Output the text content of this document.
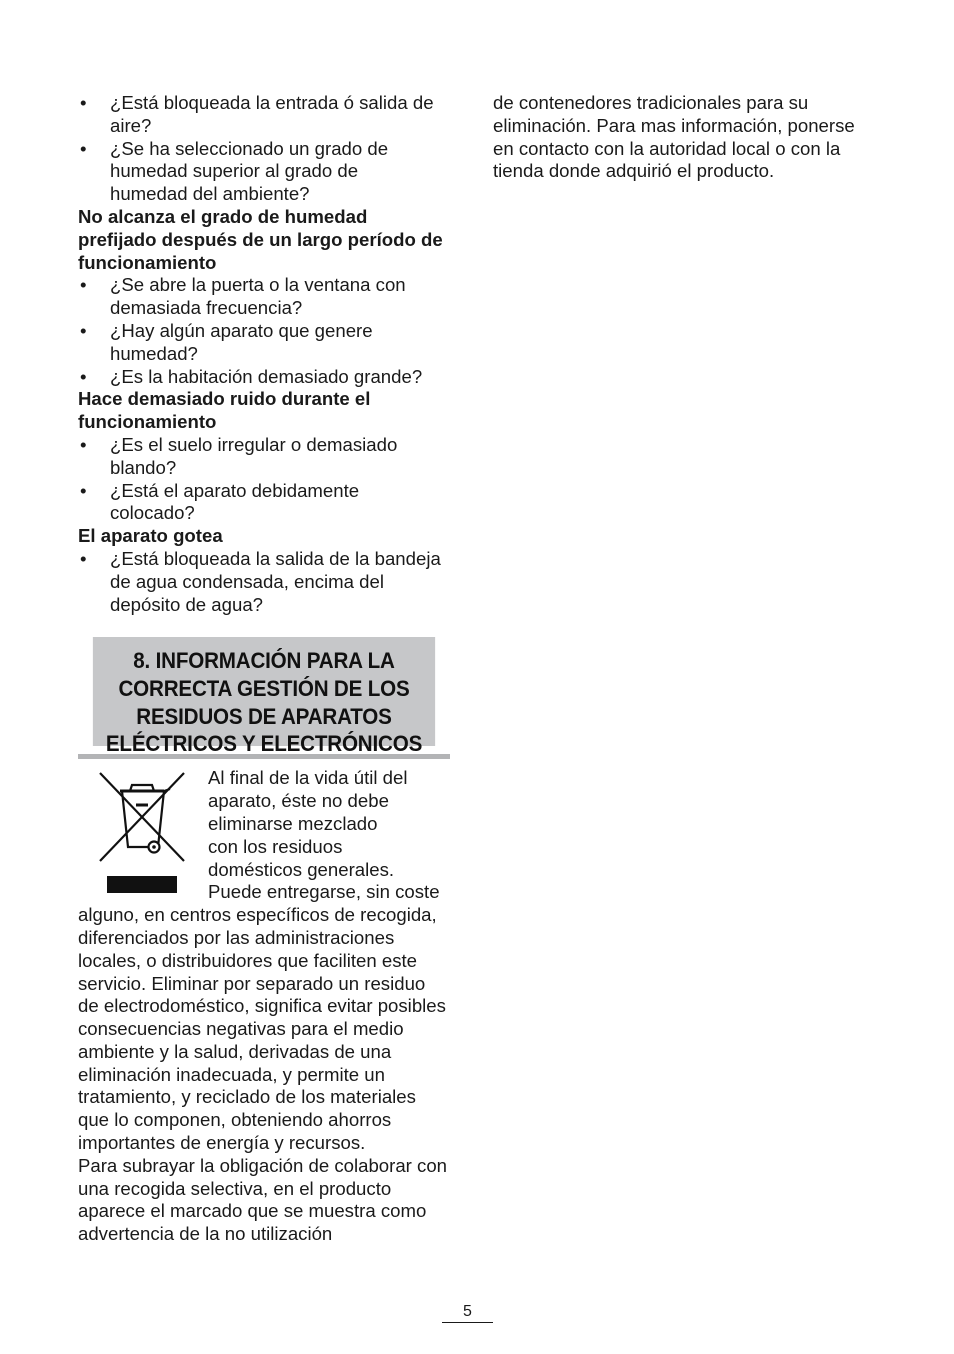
• ¿Está bloqueada la entrada ó salida de aire?
• ¿Se ha seleccionado un grado de humedad superior al grado de humedad del ambiente?
No alcanza el grado de humedad prefijado después de un largo período de funcionamiento
• ¿Se abre la puerta o la ventana con demasiada frecuencia?
• ¿Hay algún aparato que genere humedad?
• ¿Es la habitación demasiado grande?
Hace demasiado ruido durante el funcionamiento
• ¿Es el suelo irregular o demasiado blando?
• ¿Está el aparato debidamente colocado?
El aparato gotea
• ¿Está bloqueada la salida de la bandeja de agua condensada, encima del depósito de agua?
8. INFORMACIÓN PARA LA
CORRECTA GESTIÓN DE LOS
RESIDUOS DE APARATOS
ELÉCTRICOS Y ELECTRÓNICOS

Al final de la vida útil del aparato, éste no debe eliminarse mezclado con los residuos domésticos generales.

Puede entregarse, sin coste alguno, en centros específicos de recogida, diferenciados por las administraciones locales, o distribuidores que faciliten este servicio. Eliminar por separado un residuo de electrodoméstico, significa evitar posibles consecuencias negativas para el medio ambiente y la salud, derivadas de una eliminación inadecuada, y permite un tratamiento, y reciclado de los materiales que lo componen, obteniendo ahorros importantes de energía y recursos.

Para subrayar la obligación de colaborar con una recogida selectiva, en el producto aparece el marcado que se muestra como advertencia de la no utilización

de contenedores tradicionales para su eliminación. Para mas información, ponerse en contacto con la autoridad local o con la tienda donde adquirió el producto.

5
